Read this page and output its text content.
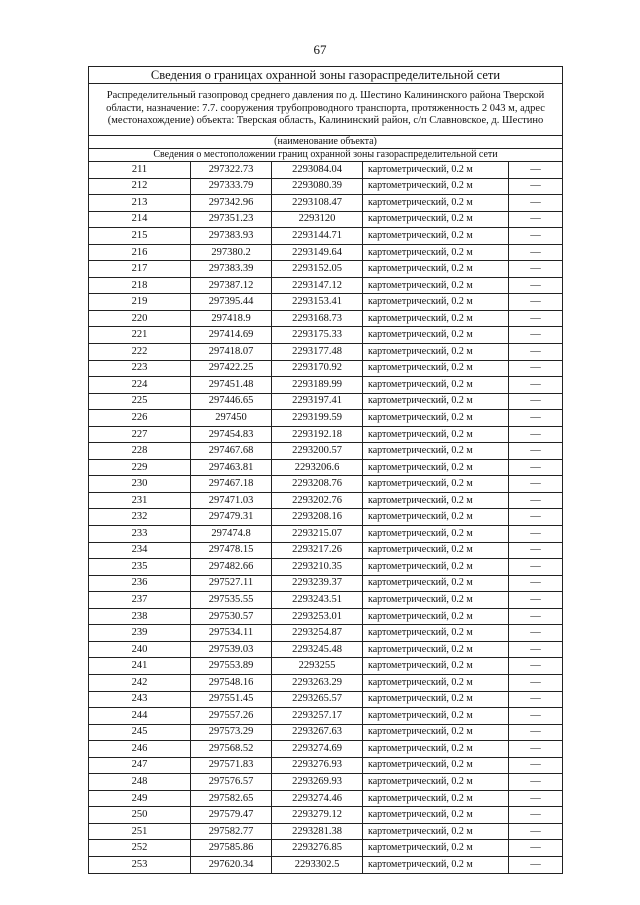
67
Сведения о границах охранной зоны газораспределительной сети				
Распределительный газопровод среднего давления по д. Шестино Калининского района Тверской области, назначение: 7.7. сооружения трубопроводного транспорта, протяженность 2 043 м, адрес (местонахождение) объекта: Тверская область, Калининский район, с/п Славновское, д. Шестино				
(наименование объекта)				
Сведения о местоположении границ охранной зоны газораспределительной сети				
211	297322.73	2293084.04	картометрический, 0.2 м	—
212	297333.79	2293080.39	картометрический, 0.2 м	—
213	297342.96	2293108.47	картометрический, 0.2 м	—
214	297351.23	2293120	картометрический, 0.2 м	—
215	297383.93	2293144.71	картометрический, 0.2 м	—
216	297380.2	2293149.64	картометрический, 0.2 м	—
217	297383.39	2293152.05	картометрический, 0.2 м	—
218	297387.12	2293147.12	картометрический, 0.2 м	—
219	297395.44	2293153.41	картометрический, 0.2 м	—
220	297418.9	2293168.73	картометрический, 0.2 м	—
221	297414.69	2293175.33	картометрический, 0.2 м	—
222	297418.07	2293177.48	картометрический, 0.2 м	—
223	297422.25	2293170.92	картометрический, 0.2 м	—
224	297451.48	2293189.99	картометрический, 0.2 м	—
225	297446.65	2293197.41	картометрический, 0.2 м	—
226	297450	2293199.59	картометрический, 0.2 м	—
227	297454.83	2293192.18	картометрический, 0.2 м	—
228	297467.68	2293200.57	картометрический, 0.2 м	—
229	297463.81	2293206.6	картометрический, 0.2 м	—
230	297467.18	2293208.76	картометрический, 0.2 м	—
231	297471.03	2293202.76	картометрический, 0.2 м	—
232	297479.31	2293208.16	картометрический, 0.2 м	—
233	297474.8	2293215.07	картометрический, 0.2 м	—
234	297478.15	2293217.26	картометрический, 0.2 м	—
235	297482.66	2293210.35	картометрический, 0.2 м	—
236	297527.11	2293239.37	картометрический, 0.2 м	—
237	297535.55	2293243.51	картометрический, 0.2 м	—
238	297530.57	2293253.01	картометрический, 0.2 м	—
239	297534.11	2293254.87	картометрический, 0.2 м	—
240	297539.03	2293245.48	картометрический, 0.2 м	—
241	297553.89	2293255	картометрический, 0.2 м	—
242	297548.16	2293263.29	картометрический, 0.2 м	—
243	297551.45	2293265.57	картометрический, 0.2 м	—
244	297557.26	2293257.17	картометрический, 0.2 м	—
245	297573.29	2293267.63	картометрический, 0.2 м	—
246	297568.52	2293274.69	картометрический, 0.2 м	—
247	297571.83	2293276.93	картометрический, 0.2 м	—
248	297576.57	2293269.93	картометрический, 0.2 м	—
249	297582.65	2293274.46	картометрический, 0.2 м	—
250	297579.47	2293279.12	картометрический, 0.2 м	—
251	297582.77	2293281.38	картометрический, 0.2 м	—
252	297585.86	2293276.85	картометрический, 0.2 м	—
253	297620.34	2293302.5	картометрический, 0.2 м	—
